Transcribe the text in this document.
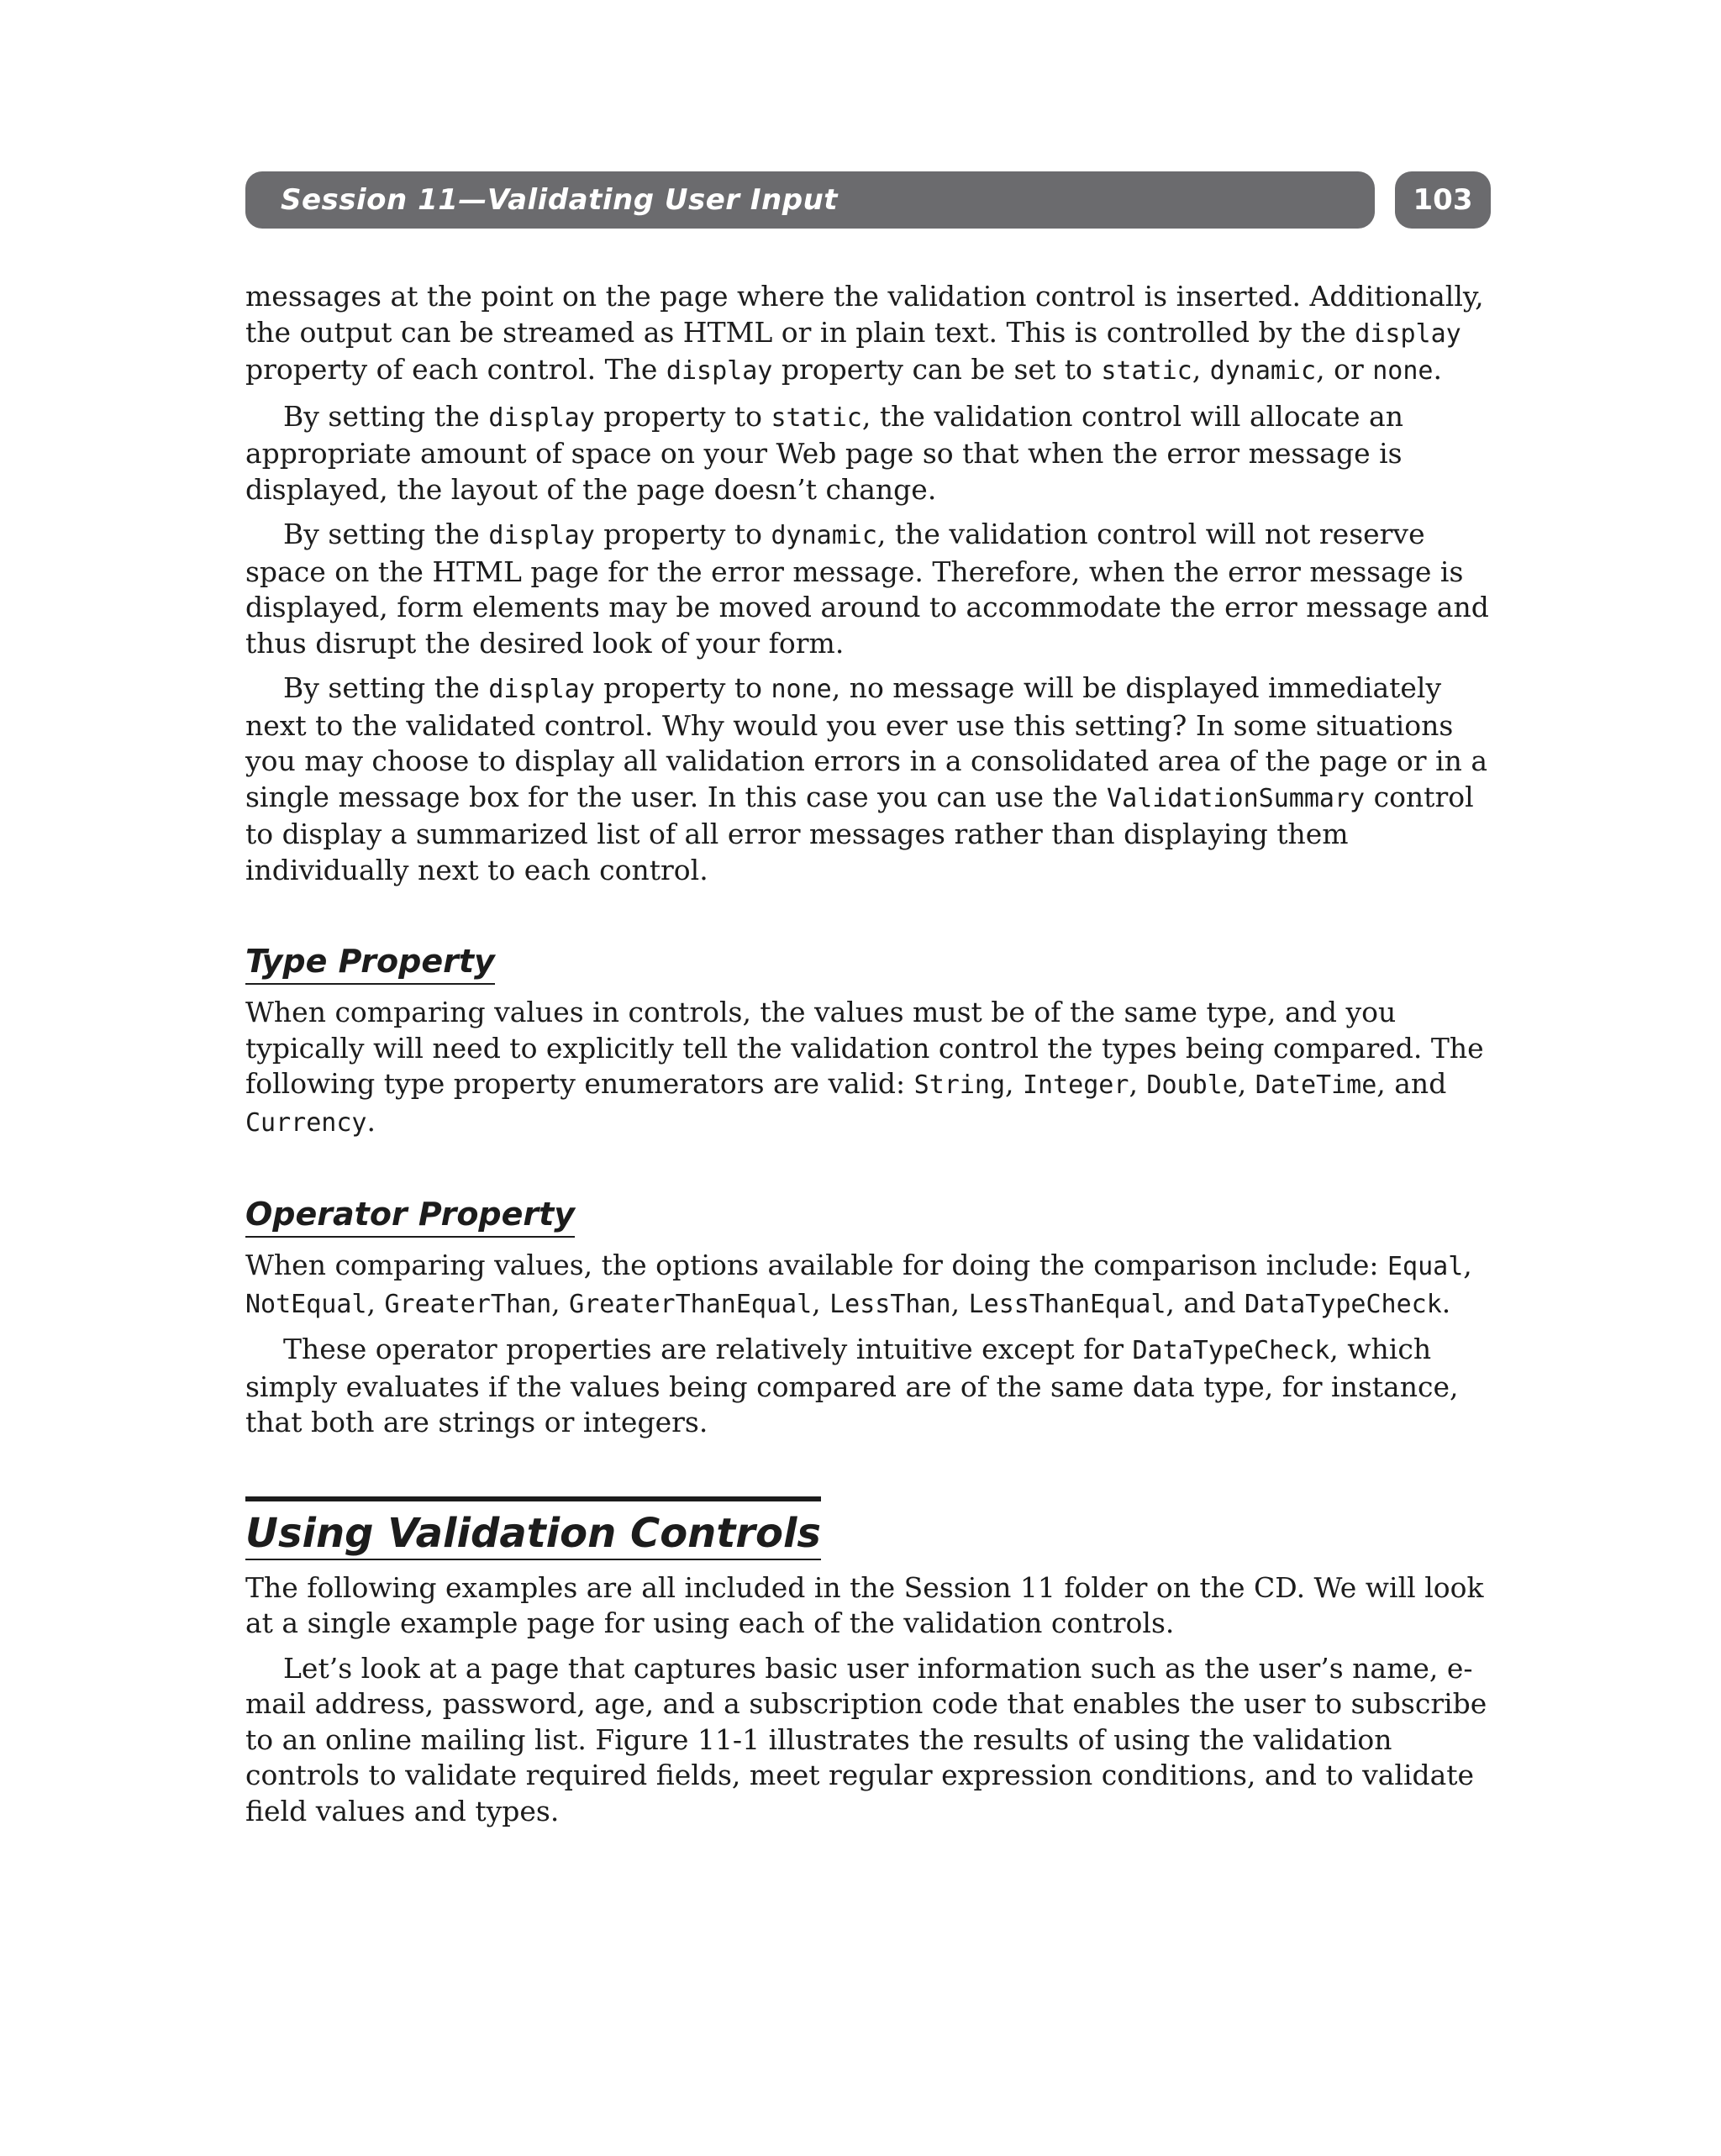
Session 11—Validating User Input	103

messages at the point on the page where the validation control is inserted. Additionally, the output can be streamed as HTML or in plain text. This is controlled by the display property of each control. The display property can be set to static, dynamic, or none.

By setting the display property to static, the validation control will allocate an appropriate amount of space on your Web page so that when the error message is displayed, the layout of the page doesn’t change.

By setting the display property to dynamic, the validation control will not reserve space on the HTML page for the error message. Therefore, when the error message is displayed, form elements may be moved around to accommodate the error message and thus disrupt the desired look of your form.

By setting the display property to none, no message will be displayed immediately next to the validated control. Why would you ever use this setting? In some situations you may choose to display all validation errors in a consolidated area of the page or in a single message box for the user. In this case you can use the ValidationSummary control to display a summarized list of all error messages rather than displaying them individually next to each control.

Type Property

When comparing values in controls, the values must be of the same type, and you typically will need to explicitly tell the validation control the types being compared. The following type property enumerators are valid: String, Integer, Double, DateTime, and Currency.

Operator Property

When comparing values, the options available for doing the comparison include: Equal, NotEqual, GreaterThan, GreaterThanEqual, LessThan, LessThanEqual, and DataTypeCheck.

These operator properties are relatively intuitive except for DataTypeCheck, which simply evaluates if the values being compared are of the same data type, for instance, that both are strings or integers.

Using Validation Controls

The following examples are all included in the Session 11 folder on the CD. We will look at a single example page for using each of the validation controls.

Let’s look at a page that captures basic user information such as the user’s name, e-mail address, password, age, and a subscription code that enables the user to subscribe to an online mailing list. Figure 11-1 illustrates the results of using the validation controls to validate required fields, meet regular expression conditions, and to validate field values and types.
